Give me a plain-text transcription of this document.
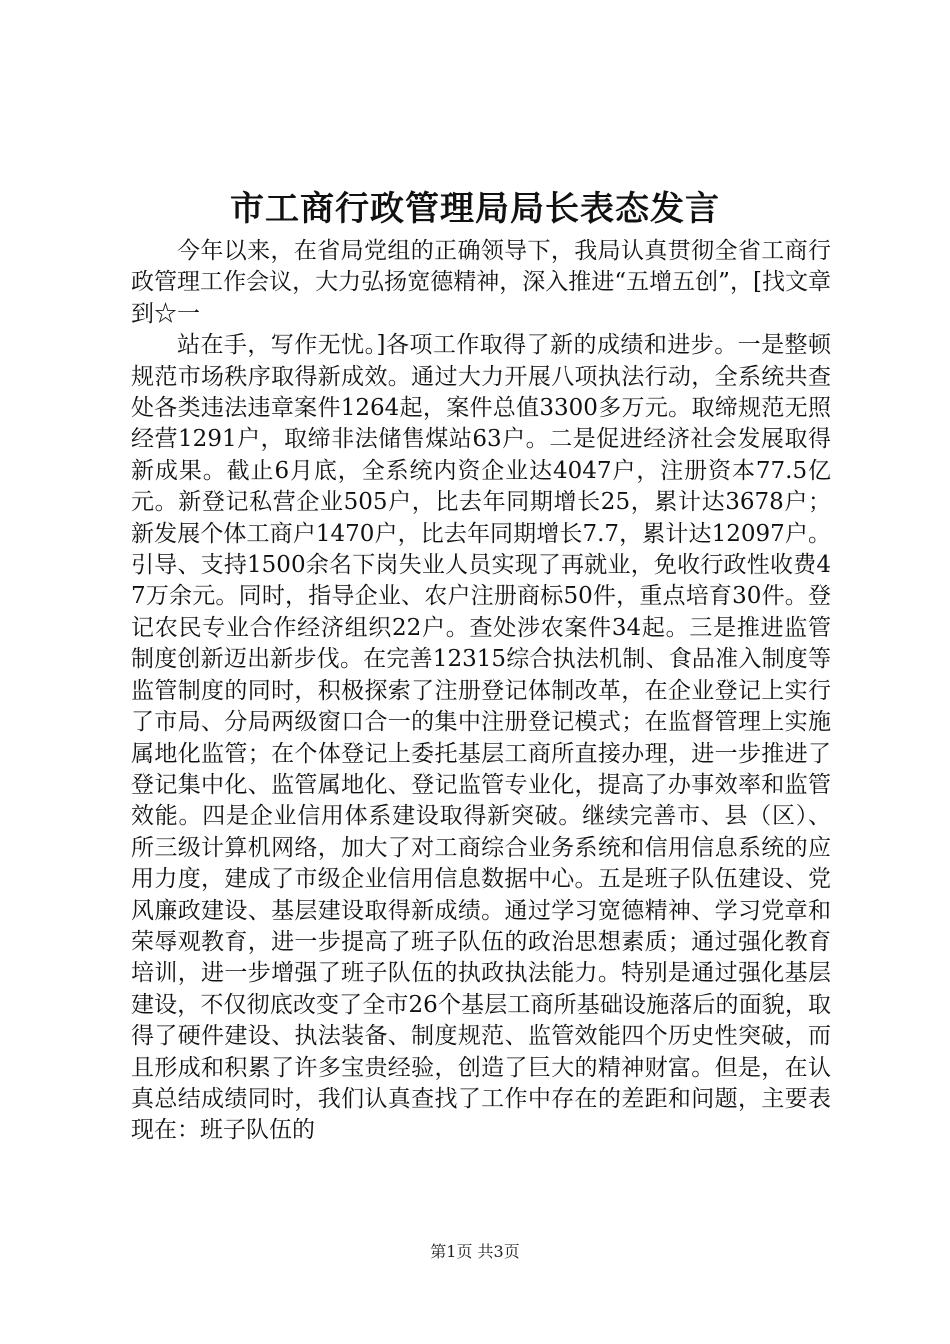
市工商行政管理局局长表态发言

今年以来，在省局党组的正确领导下，我局认真贯彻全省工商行政管理工作会议，大力弘扬宽德精神，深入推进“五增五创”，[找文章到☆一

站在手，写作无忧。]各项工作取得了新的成绩和进步。一是整顿规范市场秩序取得新成效。通过大力开展八项执法行动，全系统共查处各类违法违章案件1264起，案件总值3300多万元。取缔规范无照经营1291户，取缔非法储售煤站63户。二是促进经济社会发展取得新成果。截止6月底，全系统内资企业达4047户，注册资本77.5亿元。新登记私营企业505户，比去年同期增长25，累计达3678户；新发展个体工商户1470户，比去年同期增长7.7，累计达12097户。引导、支持1500余名下岗失业人员实现了再就业，免收行政性收费47万余元。同时，指导企业、农户注册商标50件，重点培育30件。登记农民专业合作经济组织22户。查处涉农案件34起。三是推进监管制度创新迈出新步伐。在完善12315综合执法机制、食品准入制度等监管制度的同时，积极探索了注册登记体制改革，在企业登记上实行了市局、分局两级窗口合一的集中注册登记模式；在监督管理上实施属地化监管；在个体登记上委托基层工商所直接办理，进一步推进了登记集中化、监管属地化、登记监管专业化，提高了办事效率和监管效能。四是企业信用体系建设取得新突破。继续完善市、县（区）、所三级计算机网络，加大了对工商综合业务系统和信用信息系统的应用力度，建成了市级企业信用信息数据中心。五是班子队伍建设、党风廉政建设、基层建设取得新成绩。通过学习宽德精神、学习党章和荣辱观教育，进一步提高了班子队伍的政治思想素质；通过强化教育培训，进一步增强了班子队伍的执政执法能力。特别是通过强化基层建设，不仅彻底改变了全市26个基层工商所基础设施落后的面貌，取得了硬件建设、执法装备、制度规范、监管效能四个历史性突破，而且形成和积累了许多宝贵经验，创造了巨大的精神财富。但是，在认真总结成绩同时，我们认真查找了工作中存在的差距和问题，主要表现在：班子队伍的

第1页 共3页
